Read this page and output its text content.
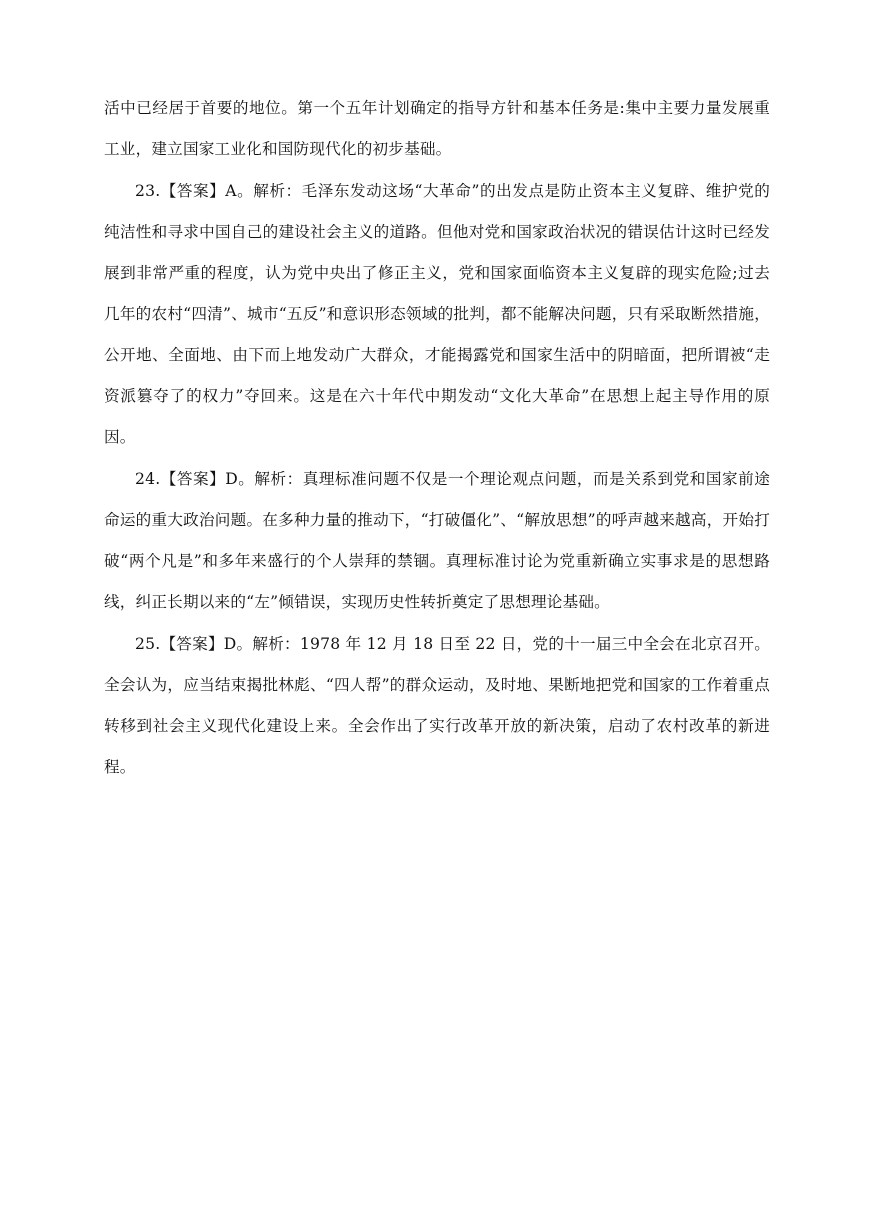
活中已经居于首要的地位。第一个五年计划确定的指导方针和基本任务是:集中主要力量发展重工业，建立国家工业化和国防现代化的初步基础。

23.【答案】A。解析：毛泽东发动这场“大革命”的出发点是防止资本主义复辟、维护党的纯洁性和寻求中国自己的建设社会主义的道路。但他对党和国家政治状况的错误估计这时已经发展到非常严重的程度，认为党中央出了修正主义，党和国家面临资本主义复辟的现实危险;过去几年的农村“四清”、城市“五反”和意识形态领域的批判，都不能解决问题，只有采取断然措施，公开地、全面地、由下而上地发动广大群众，才能揭露党和国家生活中的阴暗面，把所谓被“走资派篡夺了的权力”夺回来。这是在六十年代中期发动“文化大革命”在思想上起主导作用的原因。

24.【答案】D。解析：真理标准问题不仅是一个理论观点问题，而是关系到党和国家前途命运的重大政治问题。在多种力量的推动下，“打破僵化”、“解放思想”的呼声越来越高，开始打破“两个凡是”和多年来盛行的个人崇拜的禁锢。真理标准讨论为党重新确立实事求是的思想路线，纠正长期以来的“左”倾错误，实现历史性转折奠定了思想理论基础。

25.【答案】D。解析：1978 年 12 月 18 日至 22 日，党的十一届三中全会在北京召开。全会认为，应当结束揭批林彪、“四人帮”的群众运动，及时地、果断地把党和国家的工作着重点转移到社会主义现代化建设上来。全会作出了实行改革开放的新决策，启动了农村改革的新进程。
